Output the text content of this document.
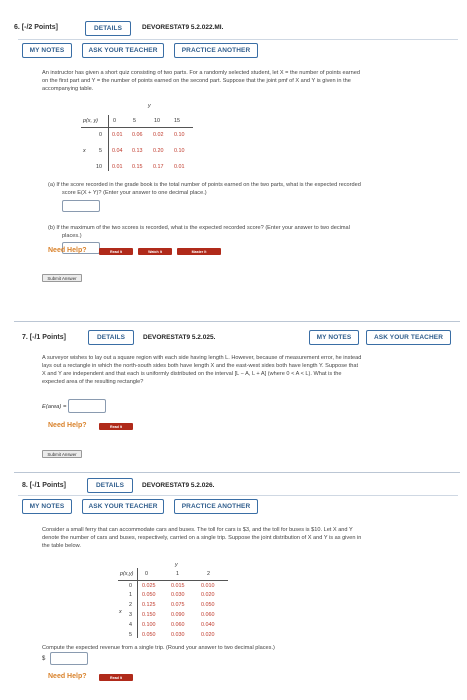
6. [-/2 Points]	DETAILS	DEVORESTAT9 5.2.022.MI.
MY NOTES	ASK YOUR TEACHER	PRACTICE ANOTHER
An instructor has given a short quiz consisting of two parts. For a randomly selected student, let X = the number of points earned
on the first part and Y = the number of points earned on the second part. Suppose that the joint pmf of X and Y is given in the
accompanying table.
y
p(x, y)	0	5	10	15
x
0 0.01 0.06 0.02 0.10
5 0.04 0.13 0.20 0.10
10 0.01 0.15 0.17 0.01
(a) If the score recorded in the grade book is the total number of points earned on the two parts, what is the expected recorded
score E(X + Y)? (Enter your answer to one decimal place.)
(b) If the maximum of the two scores is recorded, what is the expected recorded score? (Enter your answer to two decimal
places.)
Need Help?	Read It	Watch It	Master It
Submit Answer
7. [-/1 Points]	DETAILS	DEVORESTAT9 5.2.025.	MY NOTES	ASK YOUR TEACHER
A surveyor wishes to lay out a square region with each side having length L. However, because of measurement error, he instead
lays out a rectangle in which the north-south sides both have length X and the east-west sides both have length Y. Suppose that
X and Y are independent and that each is uniformly distributed on the interval [L − A, L + A] (where 0 < A < L). What is the
expected area of the resulting rectangle?
E(area) =
Need Help?	Read It
Submit Answer
8. [-/1 Points]	DETAILS	DEVORESTAT9 5.2.026.
MY NOTES	ASK YOUR TEACHER	PRACTICE ANOTHER
Consider a small ferry that can accommodate cars and buses. The toll for cars is $3, and the toll for buses is $10. Let X and Y
denote the number of cars and buses, respectively, carried on a single trip. Suppose the joint distribution of X and Y is as given in
the table below.
y
p(x,y) 0	1	2
x
0 0.025	0.015	0.010
1 0.050	0.030	0.020
2 0.125	0.075	0.050
3 0.150	0.090	0.060
4 0.100	0.060	0.040
5 0.050	0.030	0.020
Compute the expected revenue from a single trip. (Round your answer to two decimal places.)
$
Need Help?	Read It
